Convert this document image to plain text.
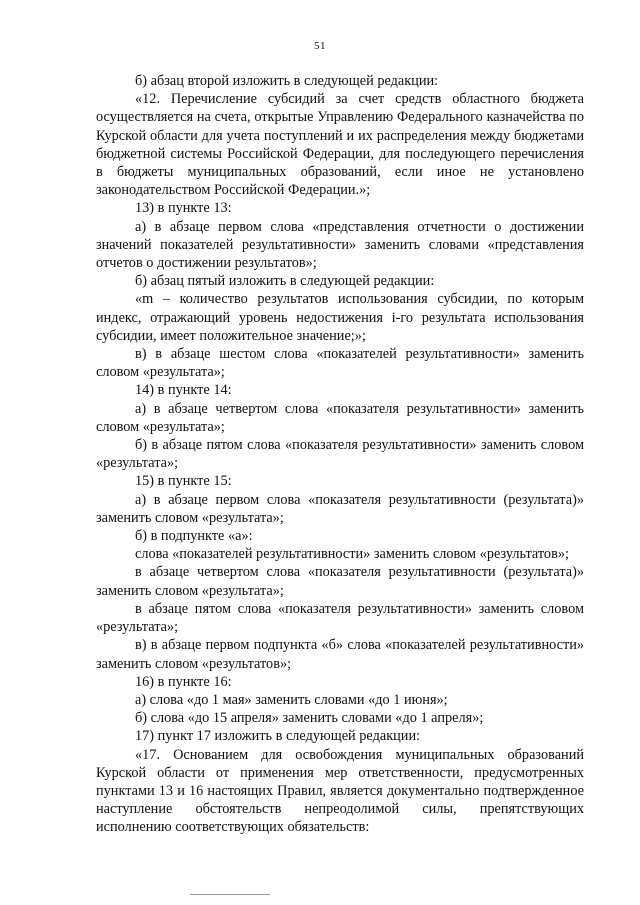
51

б) абзац второй изложить в следующей редакции:

«12. Перечисление субсидий за счет средств областного бюджета осуществляется на счета, открытые Управлению Федерального казначейства по Курской области для учета поступлений и их распределения между бюджетами бюджетной системы Российской Федерации, для последующего перечисления в бюджеты муниципальных образований, если иное не установлено законодательством Российской Федерации.»;

13) в пункте 13:

а) в абзаце первом слова «представления отчетности о достижении значений показателей результативности» заменить словами «представления отчетов о достижении результатов»;

б) абзац пятый изложить в следующей редакции:

«m – количество результатов использования субсидии, по которым индекс, отражающий уровень недостижения i-го результата использования субсидии, имеет положительное значение;»;

в) в абзаце шестом слова «показателей результативности» заменить словом «результата»;

14) в пункте 14:

а) в абзаце четвертом слова «показателя результативности» заменить словом «результата»;

б) в абзаце пятом слова «показателя результативности» заменить словом «результата»;

15) в пункте 15:

а) в абзаце первом слова «показателя результативности (результата)» заменить словом «результата»;

б) в подпункте «а»:

слова «показателей результативности» заменить словом «результатов»;

в абзаце четвертом слова «показателя результативности (результата)» заменить словом «результата»;

в абзаце пятом слова «показателя результативности» заменить словом «результата»;

в) в абзаце первом подпункта «б» слова «показателей результативности» заменить словом «результатов»;

16) в пункте 16:

а) слова «до 1 мая» заменить словами «до 1 июня»;

б) слова «до 15 апреля» заменить словами «до 1 апреля»;

17) пункт 17 изложить в следующей редакции:

«17. Основанием для освобождения муниципальных образований Курской области от применения мер ответственности, предусмотренных пунктами 13 и 16 настоящих Правил, является документально подтвержденное наступление обстоятельств непреодолимой силы, препятствующих исполнению соответствующих обязательств:
